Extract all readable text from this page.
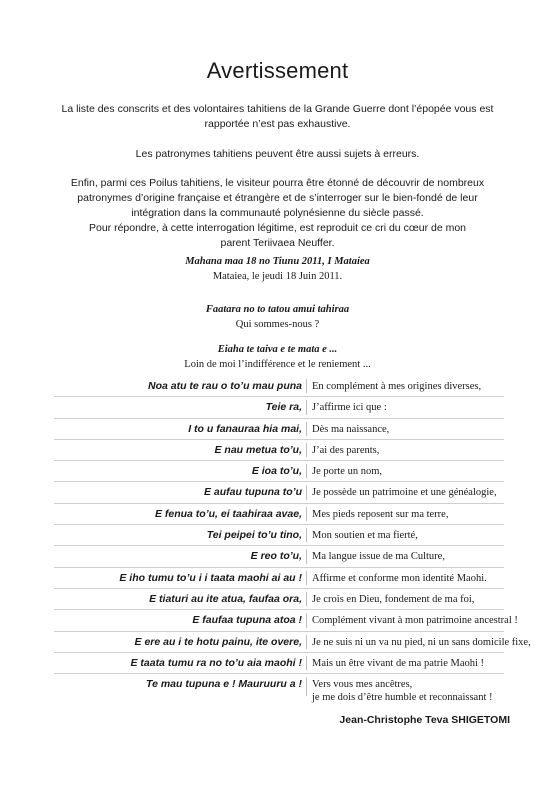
Avertissement
La liste des conscrits et des volontaires tahitiens de la Grande Guerre dont l’épopée vous est rapportée n’est pas exhaustive.
Les patronymes tahitiens peuvent être aussi sujets à erreurs.
Enfin, parmi ces Poilus tahitiens, le visiteur pourra être étonné de découvrir de nombreux
patronymes d’origine française et étrangère et de s’interroger sur le bien-fondé de leur
intégration dans la communauté polynésienne du siècle passé.
Pour répondre, à cette interrogation légitime, est reproduit ce cri du cœur de mon
parent Teriivaea Neuffer.
Mahana maa 18 no Tiunu 2011, I Mataiea
Mataiea, le jeudi 18 Juin 2011.
Faatara no to tatou amui tahiraa
Qui sommes-nous ?
Eiaha te taiva e te mata e ...
Loin de moi l’indifférence et le reniement ...
Noa atu te rau o to’u mau puna En complément à mes origines diverses,
Teie ra, J’affirme ici que :
I to u fanauraa hia mai, Dès ma naissance,
E nau metua to’u, J’ai des parents,
E ioa to’u, Je porte un nom,
E aufau tupuna to’u Je possède un patrimoine et une généalogie,
E fenua to’u, ei taahiraa avae, Mes pieds reposent sur ma terre,
Tei peipei to’u tino, Mon soutien et ma fierté,
E reo to’u, Ma langue issue de ma Culture,
E iho tumu to’u i i taata maohi ai au ! Affirme et conforme mon identité Maohi.
E tiaturi au ite atua, faufaa ora, Je crois en Dieu, fondement de ma foi,
E faufaa tupuna atoa ! Complément vivant à mon patrimoine ancestral !
E ere au i te hotu painu, ite overe, Je ne suis ni un va nu pied, ni un sans domicile fixe,
E taata tumu ra no to’u aia maohi ! Mais un être vivant de ma patrie Maohi !
Te mau tupuna e ! Mauruuru a ! Vers vous mes ancêtres,
je me dois d’être humble et reconnaissant !
Jean-Christophe Teva SHIGETOMI
